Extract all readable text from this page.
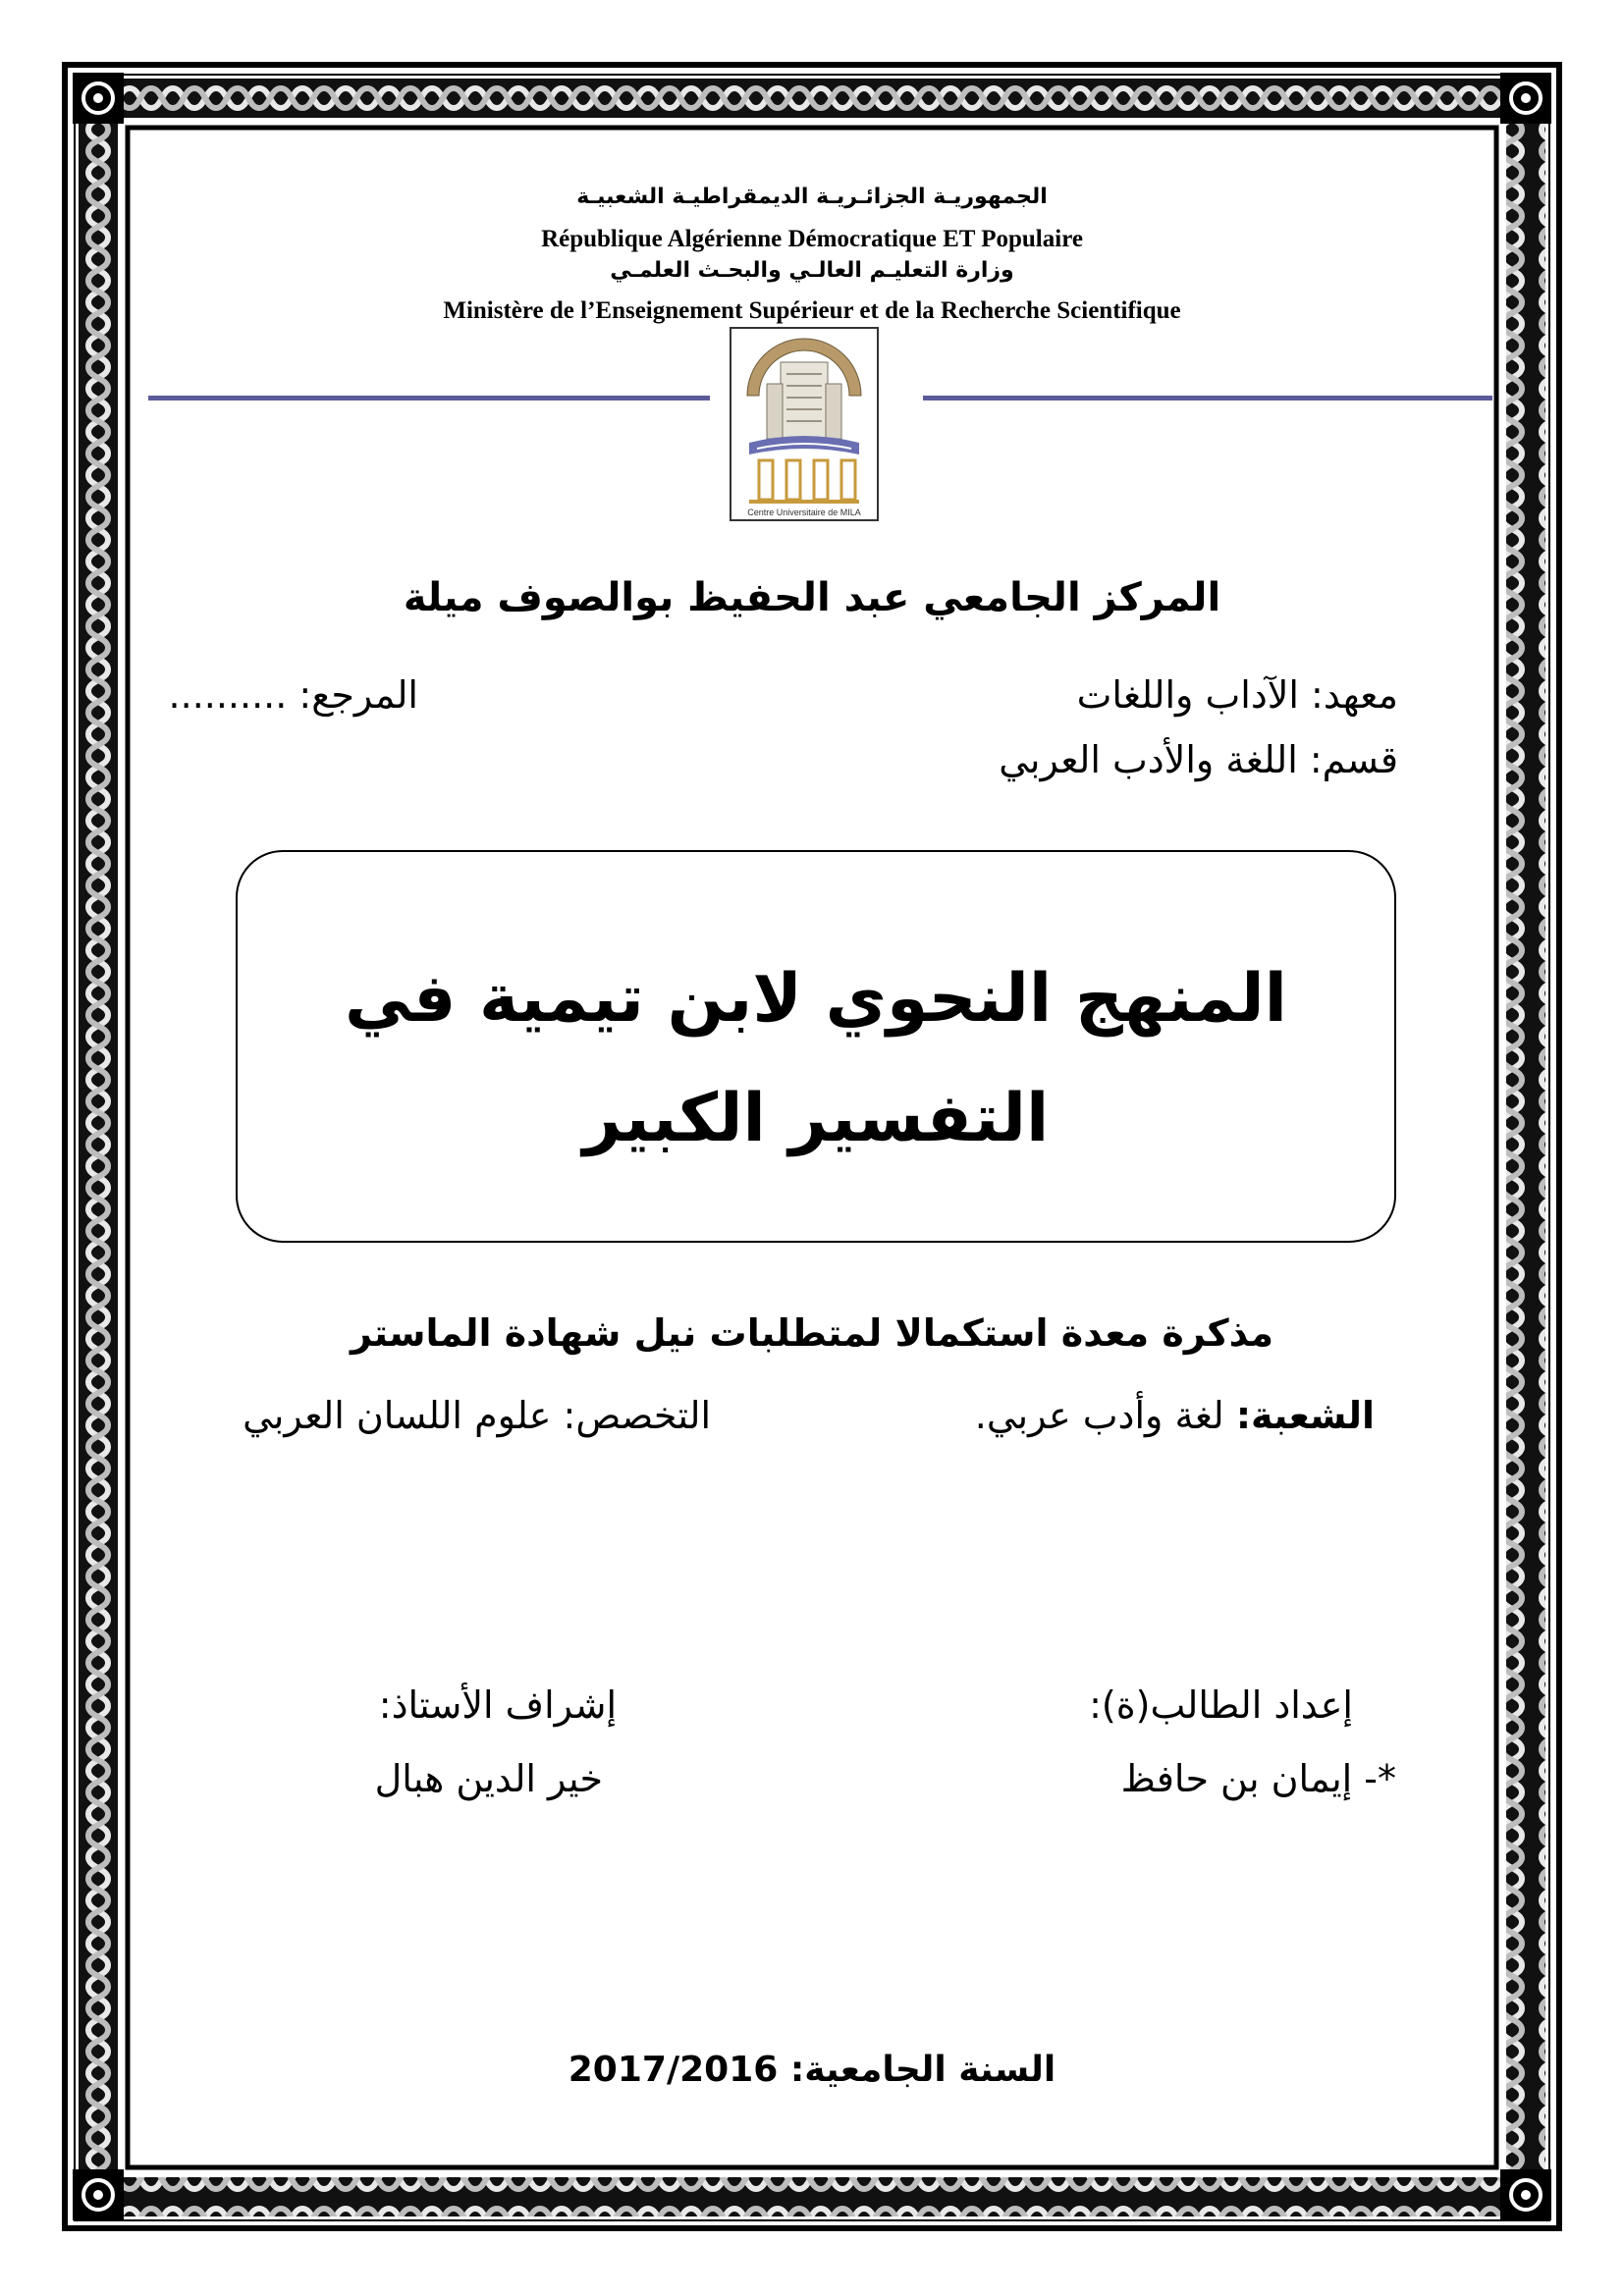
الجمهوريـة الجزائـريـة الديمقراطيـة الشعبيـة
République Algérienne Démocratique ET Populaire
وزارة التعليـم العالـي والبحـث العلمـي
Ministère de l’Enseignement Supérieur et de la Recherche Scientifique
Centre Universitaire de MILA
المركز الجامعي عبد الحفيظ بوالصوف ميلة
معهد: الآداب واللغات
المرجع: ..........
قسم: اللغة والأدب العربي
المنهج النحوي لابن تيمية في
التفسير الكبير
مذكرة معدة استكمالا لمتطلبات نيل شهادة الماستر
الشعبة: لغة وأدب عربي.
التخصص: علوم اللسان العربي
إعداد الطالب(ة):
*- إيمان بن حافظ
إشراف الأستاذ:
خير الدين هبال
السنة الجامعية: 2017/2016
